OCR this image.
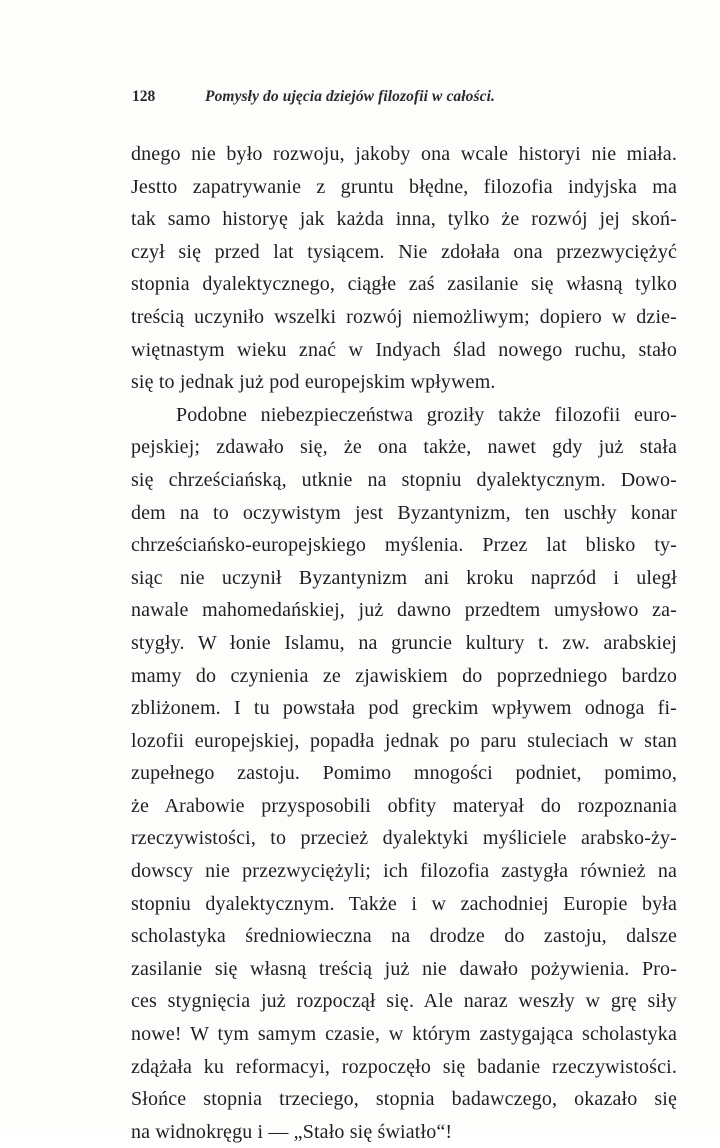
128	Pomysły do ujęcia dziejów filozofii w całości.
dnego nie było rozwoju, jakoby ona wcale historyi nie miała.
Jestto zapatrywanie z gruntu błędne, filozofia indyjska ma
tak samo historyę jak każda inna, tylko że rozwój jej skoń-
czył się przed lat tysiącem. Nie zdołała ona przezwyciężyć
stopnia dyalektycznego, ciągłe zaś zasilanie się własną tylko
treścią uczyniło wszelki rozwój niemożliwym; dopiero w dzie-
więtnastym wieku znać w Indyach ślad nowego ruchu, stało
się to jednak już pod europejskim wpływem.
Podobne niebezpieczeństwa groziły także filozofii euro-
pejskiej; zdawało się, że ona także, nawet gdy już stała
się chrześciańską, utknie na stopniu dyalektycznym. Dowo-
dem na to oczywistym jest Byzantynizm, ten uschły konar
chrześciańsko-europejskiego myślenia. Przez lat blisko ty-
siąc nie uczynił Byzantynizm ani kroku naprzód i uległ
nawale mahomedańskiej, już dawno przedtem umysłowo za-
stygły. W łonie Islamu, na gruncie kultury t. zw. arabskiej
mamy do czynienia ze zjawiskiem do poprzedniego bardzo
zbliżonem. I tu powstała pod greckim wpływem odnoga fi-
lozofii europejskiej, popadła jednak po paru stuleciach w stan
zupełnego zastoju. Pomimo mnogości podniet, pomimo,
że Arabowie przysposobili obfity materyał do rozpoznania
rzeczywistości, to przecież dyalektyki myśliciele arabsko-ży-
dowscy nie przezwyciężyli; ich filozofia zastygła również na
stopniu dyalektycznym. Także i w zachodniej Europie była
scholastyka średniowieczna na drodze do zastoju, dalsze
zasilanie się własną treścią już nie dawało pożywienia. Pro-
ces stygnięcia już rozpoczął się. Ale naraz weszły w grę siły
nowe! W tym samym czasie, w którym zastygająca scholastyka
zdążała ku reformacyi, rozpoczęło się badanie rzeczywistości.
Słońce stopnia trzeciego, stopnia badawczego, okazało się
na widnokręgu i — „Stało się światło“!
